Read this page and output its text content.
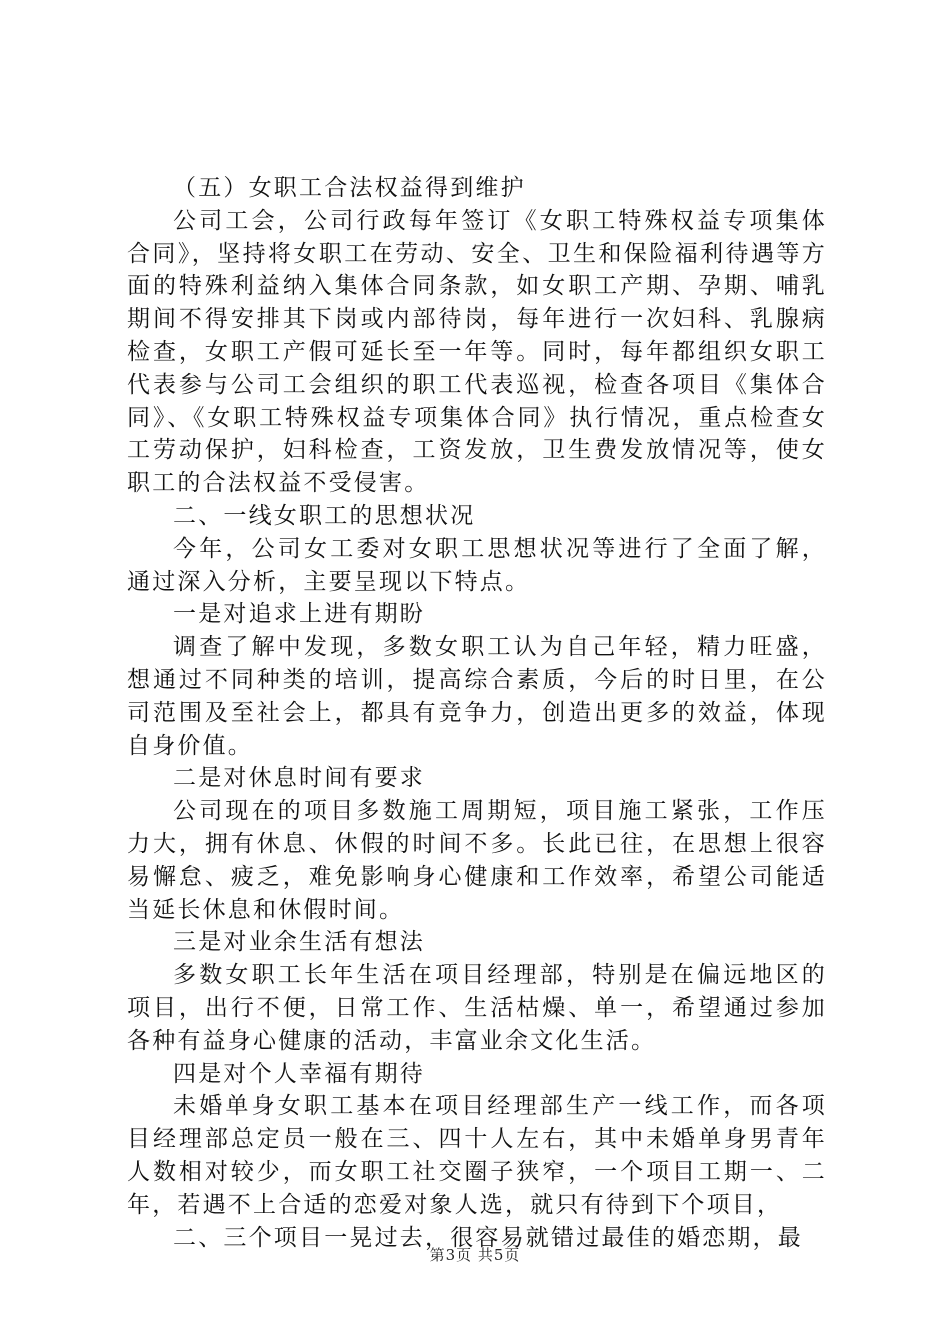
（五）女职工合法权益得到维护

公司工会，公司行政每年签订《女职工特殊权益专项集体合同》，坚持将女职工在劳动、安全、卫生和保险福利待遇等方面的特殊利益纳入集体合同条款，如女职工产期、孕期、哺乳期间不得安排其下岗或内部待岗，每年进行一次妇科、乳腺病检查，女职工产假可延长至一年等。同时，每年都组织女职工代表参与公司工会组织的职工代表巡视，检查各项目《集体合同》、《女职工特殊权益专项集体合同》执行情况，重点检查女工劳动保护，妇科检查，工资发放，卫生费发放情况等，使女职工的合法权益不受侵害。

二、一线女职工的思想状况

今年，公司女工委对女职工思想状况等进行了全面了解，通过深入分析，主要呈现以下特点。

一是对追求上进有期盼

调查了解中发现，多数女职工认为自己年轻，精力旺盛，想通过不同种类的培训，提高综合素质，今后的时日里，在公司范围及至社会上，都具有竞争力，创造出更多的效益，体现自身价值。

二是对休息时间有要求

公司现在的项目多数施工周期短，项目施工紧张，工作压力大，拥有休息、休假的时间不多。长此已往，在思想上很容易懈怠、疲乏，难免影响身心健康和工作效率，希望公司能适当延长休息和休假时间。

三是对业余生活有想法

多数女职工长年生活在项目经理部，特别是在偏远地区的项目，出行不便，日常工作、生活枯燥、单一，希望通过参加各种有益身心健康的活动，丰富业余文化生活。

四是对个人幸福有期待

未婚单身女职工基本在项目经理部生产一线工作，而各项目经理部总定员一般在三、四十人左右，其中未婚单身男青年人数相对较少，而女职工社交圈子狭窄，一个项目工期一、二年，若遇不上合适的恋爱对象人选，就只有待到下个项目，

二、三个项目一晃过去，很容易就错过最佳的婚恋期，最

第3页 共5页
